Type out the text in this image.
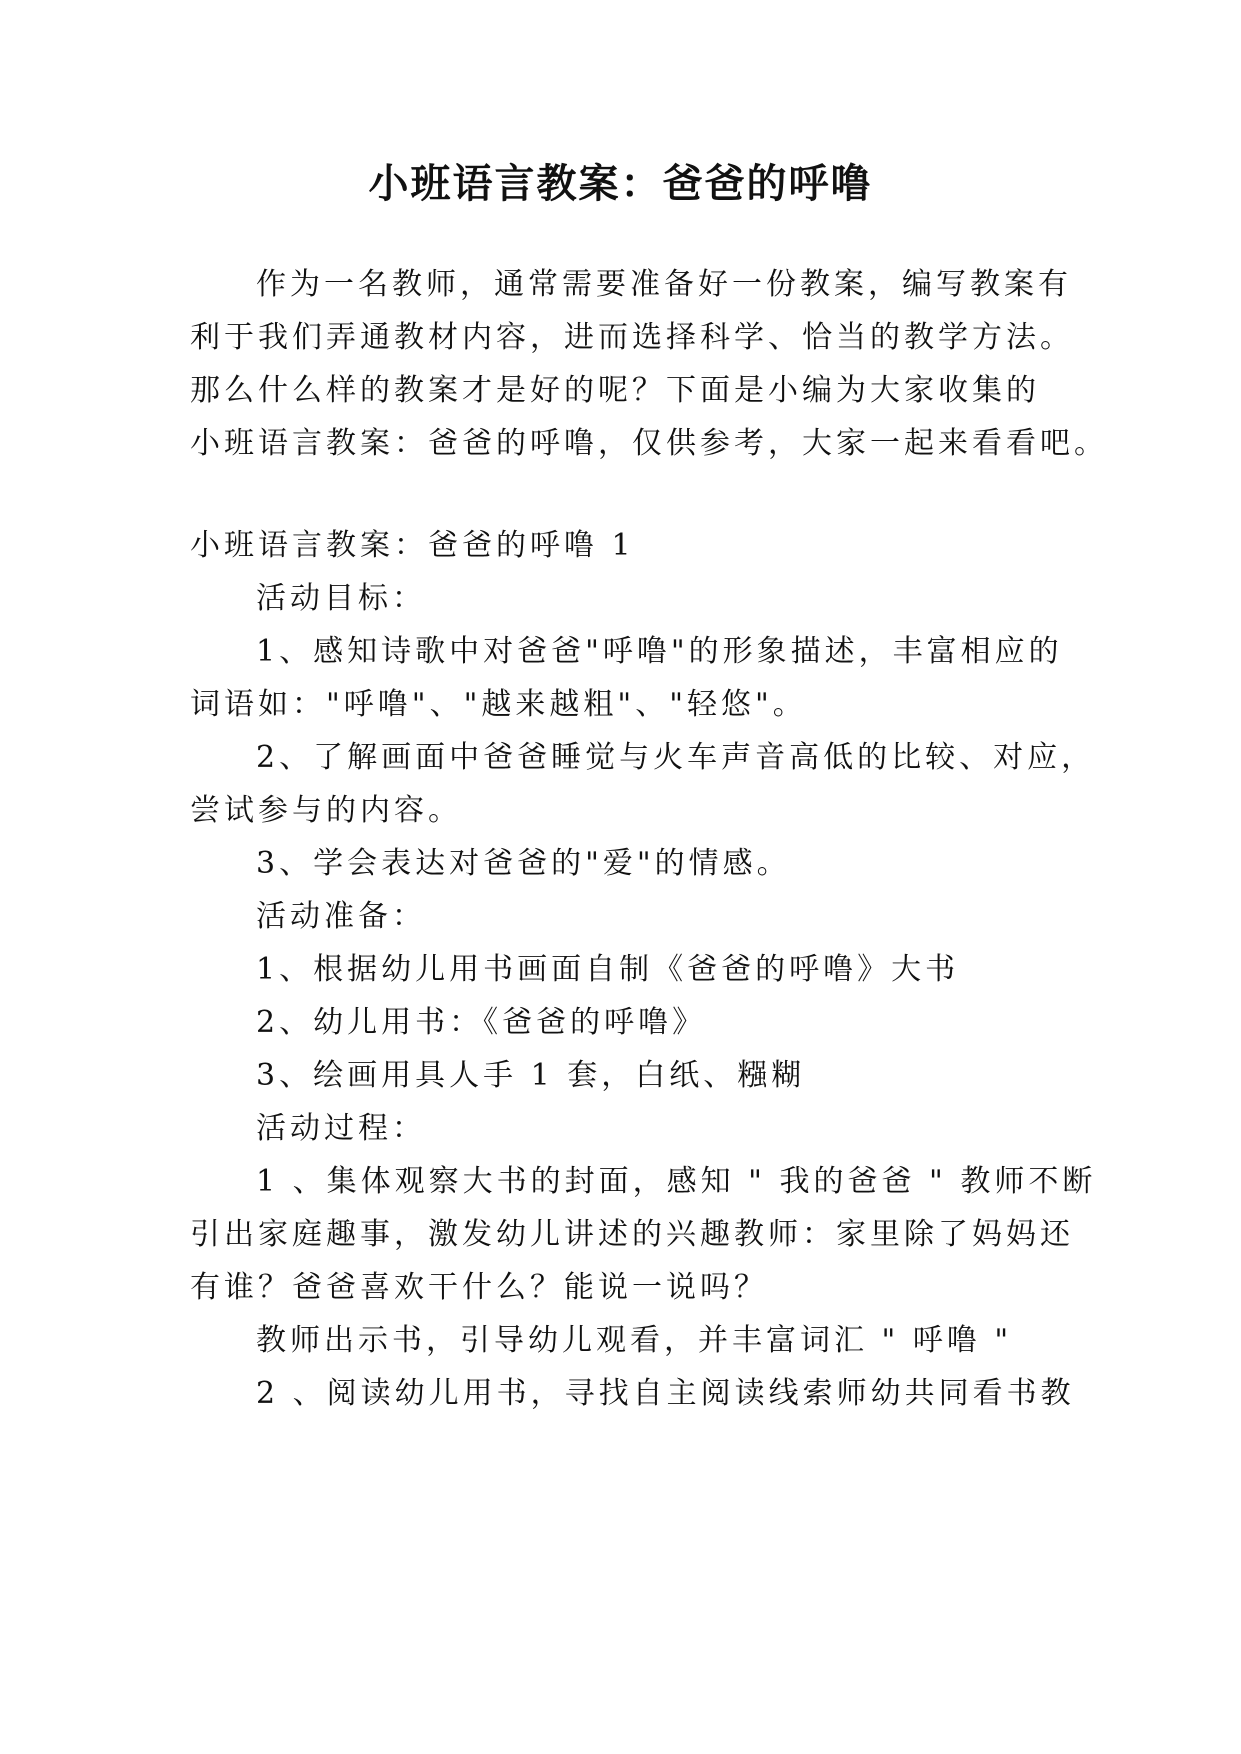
小班语言教案：爸爸的呼噜
作为一名教师，通常需要准备好一份教案，编写教案有
利于我们弄通教材内容，进而选择科学、恰当的教学方法。
那么什么样的教案才是好的呢？下面是小编为大家收集的
小班语言教案：爸爸的呼噜，仅供参考，大家一起来看看吧。
小班语言教案：爸爸的呼噜 1
活动目标：
1、感知诗歌中对爸爸"呼噜"的形象描述，丰富相应的
词语如："呼噜"、"越来越粗"、"轻悠"。
2、了解画面中爸爸睡觉与火车声音高低的比较、对应，
尝试参与的内容。
3、学会表达对爸爸的"爱"的情感。
活动准备：
1、根据幼儿用书画面自制《爸爸的呼噜》大书
2、幼儿用书：《爸爸的呼噜》
3、绘画用具人手 1 套，白纸、糨糊
活动过程：
1 、集体观察大书的封面，感知 " 我的爸爸 " 教师不断
引出家庭趣事，激发幼儿讲述的兴趣教师：家里除了妈妈还
有谁？爸爸喜欢干什么？能说一说吗？
教师出示书，引导幼儿观看，并丰富词汇 " 呼噜 "
2 、阅读幼儿用书，寻找自主阅读线索师幼共同看书教
